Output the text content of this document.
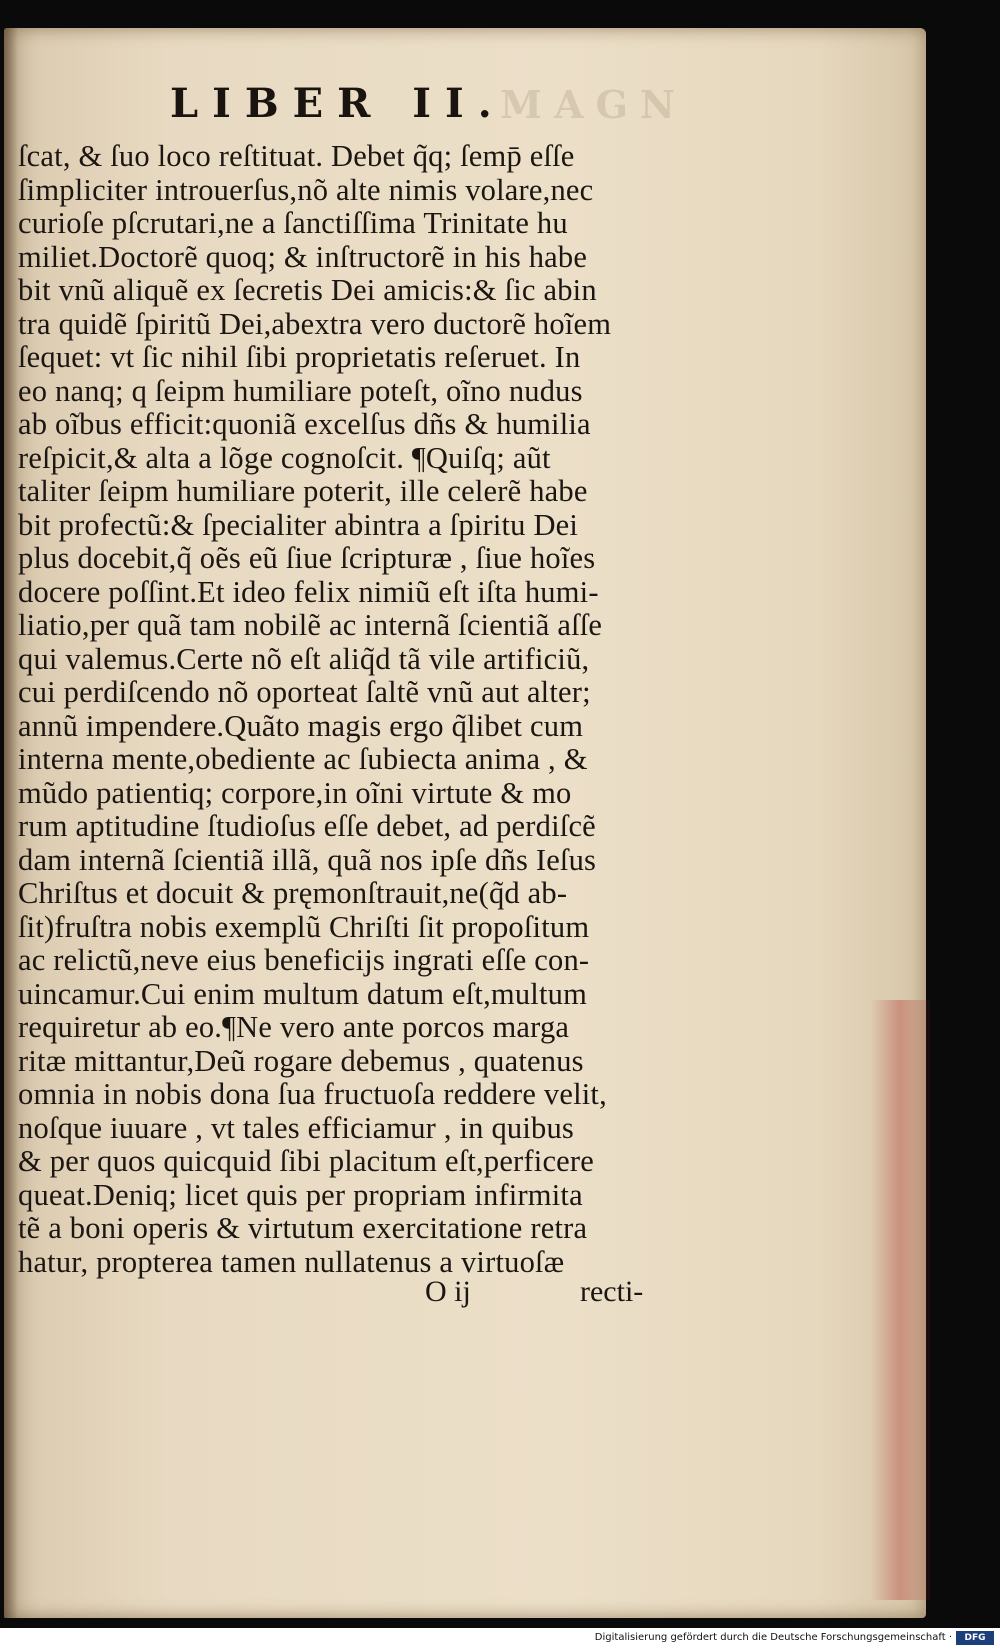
MAGN
LIBER II.
ſcat, & ſuo loco reſtituat. Debet q̃q; ſemp̄ eſſe
ſimpliciter introuerſus,nõ alte nimis volare,nec
curioſe pſcrutari,ne a ſanctiſſima Trinitate hu
miliet.Doctorẽ quoq; & inſtructorẽ in his habe
bit vnũ aliquẽ ex ſecretis Dei amicis:& ſic abin
tra quidẽ ſpiritũ Dei,abextra vero ductorẽ hoĩem
ſequet: vt ſic nihil ſibi proprietatis reſeruet. In
eo nanq; q ſeipm humiliare poteſt, oĩno nudus
ab oĩbus efficit:quoniã excelſus dñs & humilia
reſpicit,& alta a lõge cognoſcit. ¶Quiſq; aũt
taliter ſeipm humiliare poterit, ille celerẽ habe
bit profectũ:& ſpecialiter abintra a ſpiritu Dei
plus docebit,q̃ oẽs eũ ſiue ſcripturæ , ſiue hoĩes
docere poſſint.Et ideo felix nimiũ eſt iſta humi-
liatio,per quã tam nobilẽ ac internã ſcientiã aſſe
qui valemus.Certe nõ eſt aliq̃d tã vile artificiũ,
cui perdiſcendo nõ oporteat ſaltẽ vnũ aut alter;
annũ impendere.Quãto magis ergo q̃libet cum
interna mente,obediente ac ſubiecta anima , &
mũdo patientiq; corpore,in oĩni virtute & mo
rum aptitudine ſtudioſus eſſe debet, ad perdiſcẽ
dam internã ſcientiã illã, quã nos ipſe dñs Ieſus
Chriſtus et docuit & pręmonſtrauit,ne(q̃d ab-
ſit)fruſtra nobis exemplũ Chriſti ſit propoſitum
ac relictũ,neve eius beneficijs ingrati eſſe con-
uincamur.Cui enim multum datum eſt,multum
requiretur ab eo.¶Ne vero ante porcos marga
ritæ mittantur,Deũ rogare debemus , quatenus
omnia in nobis dona ſua fructuoſa reddere velit,
noſque iuuare , vt tales efficiamur , in quibus
& per quos quicquid ſibi placitum eſt,perficere
queat.Deniq; licet quis per propriam infirmita
tẽ a boni operis & virtutum exercitatione retra
hatur, propterea tamen nullatenus a virtuoſæ
O ij	recti-
Digitalisierung gefördert durch die Deutsche Forschungsgemeinschaft ·	DFG
